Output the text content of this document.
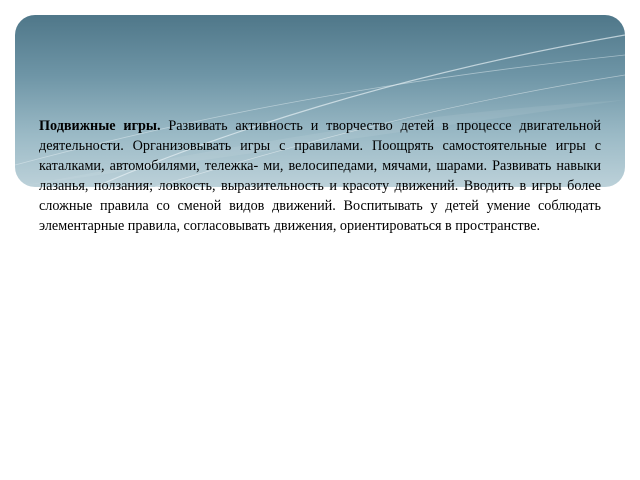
Подвижные игры. Развивать активность и творчество детей в процессе двигательной деятельности. Организовывать игры с правилами. Поощрять самостоятельные игры с каталками, автомобилями, тележка- ми, велосипедами, мячами, шарами. Развивать навыки лазанья, ползания; ловкость, выразительность и красоту движений. Вводить в игры более сложные правила со сменой видов движений. Воспитывать у детей умение соблюдать элементарные правила, согласовывать движения, ориентироваться в пространстве.
